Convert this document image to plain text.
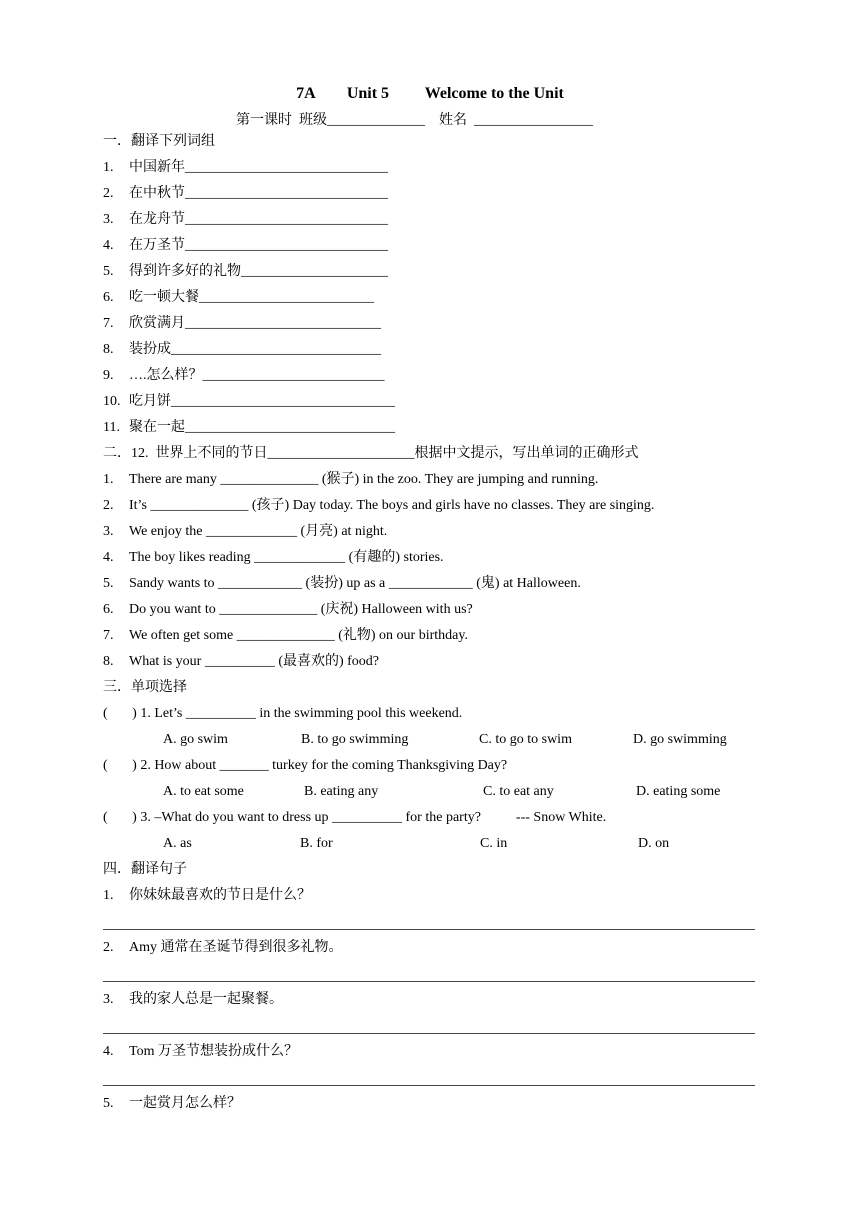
7A        Unit 5         Welcome to the Unit
第一课时  班级______________    姓名  _________________
一．翻译下列词组
1. 中国新年_____________________________
2. 在中秋节_____________________________
3. 在龙舟节_____________________________
4. 在万圣节_____________________________
5. 得到许多好的礼物_____________________
6. 吃一顿大餐_________________________
7. 欣赏满月____________________________
8. 装扮成______________________________
9. ….怎么样？__________________________
10. 吃月饼________________________________
11. 聚在一起______________________________
二．12.  世界上不同的节日_____________________根据中文提示，写出单词的正确形式
1. There are many ______________ (猴子) in the zoo. They are jumping and running.
2. It’s ______________ (孩子) Day today. The boys and girls have no classes. They are singing.
3. We enjoy the _____________ (月亮) at night.
4. The boy likes reading _____________ (有趣的) stories.
5. Sandy wants to ____________ (装扮) up as a ____________ (鬼) at Halloween.
6. Do you want to ______________ (庆祝) Halloween with us?
7. We often get some ______________ (礼物) on our birthday.
8. What is your __________ (最喜欢的) food?
三．单项选择
(       ) 1. Let’s __________ in the swimming pool this weekend.
A. go swim	B. to go swimming	C. to go to swim	D. go swimming
(       ) 2. How about _______ turkey for the coming Thanksgiving Day?
A. to eat some	B. eating any	C. to eat any	D. eating some
(       ) 3. –What do you want to dress up __________ for the party?          --- Snow White.
A. as	B. for	C. in	D. on
四．翻译句子
1. 你妹妹最喜欢的节日是什么？
2. Amy 通常在圣诞节得到很多礼物。
3. 我的家人总是一起聚餐。
4. Tom 万圣节想装扮成什么？
5. 一起赏月怎么样？
